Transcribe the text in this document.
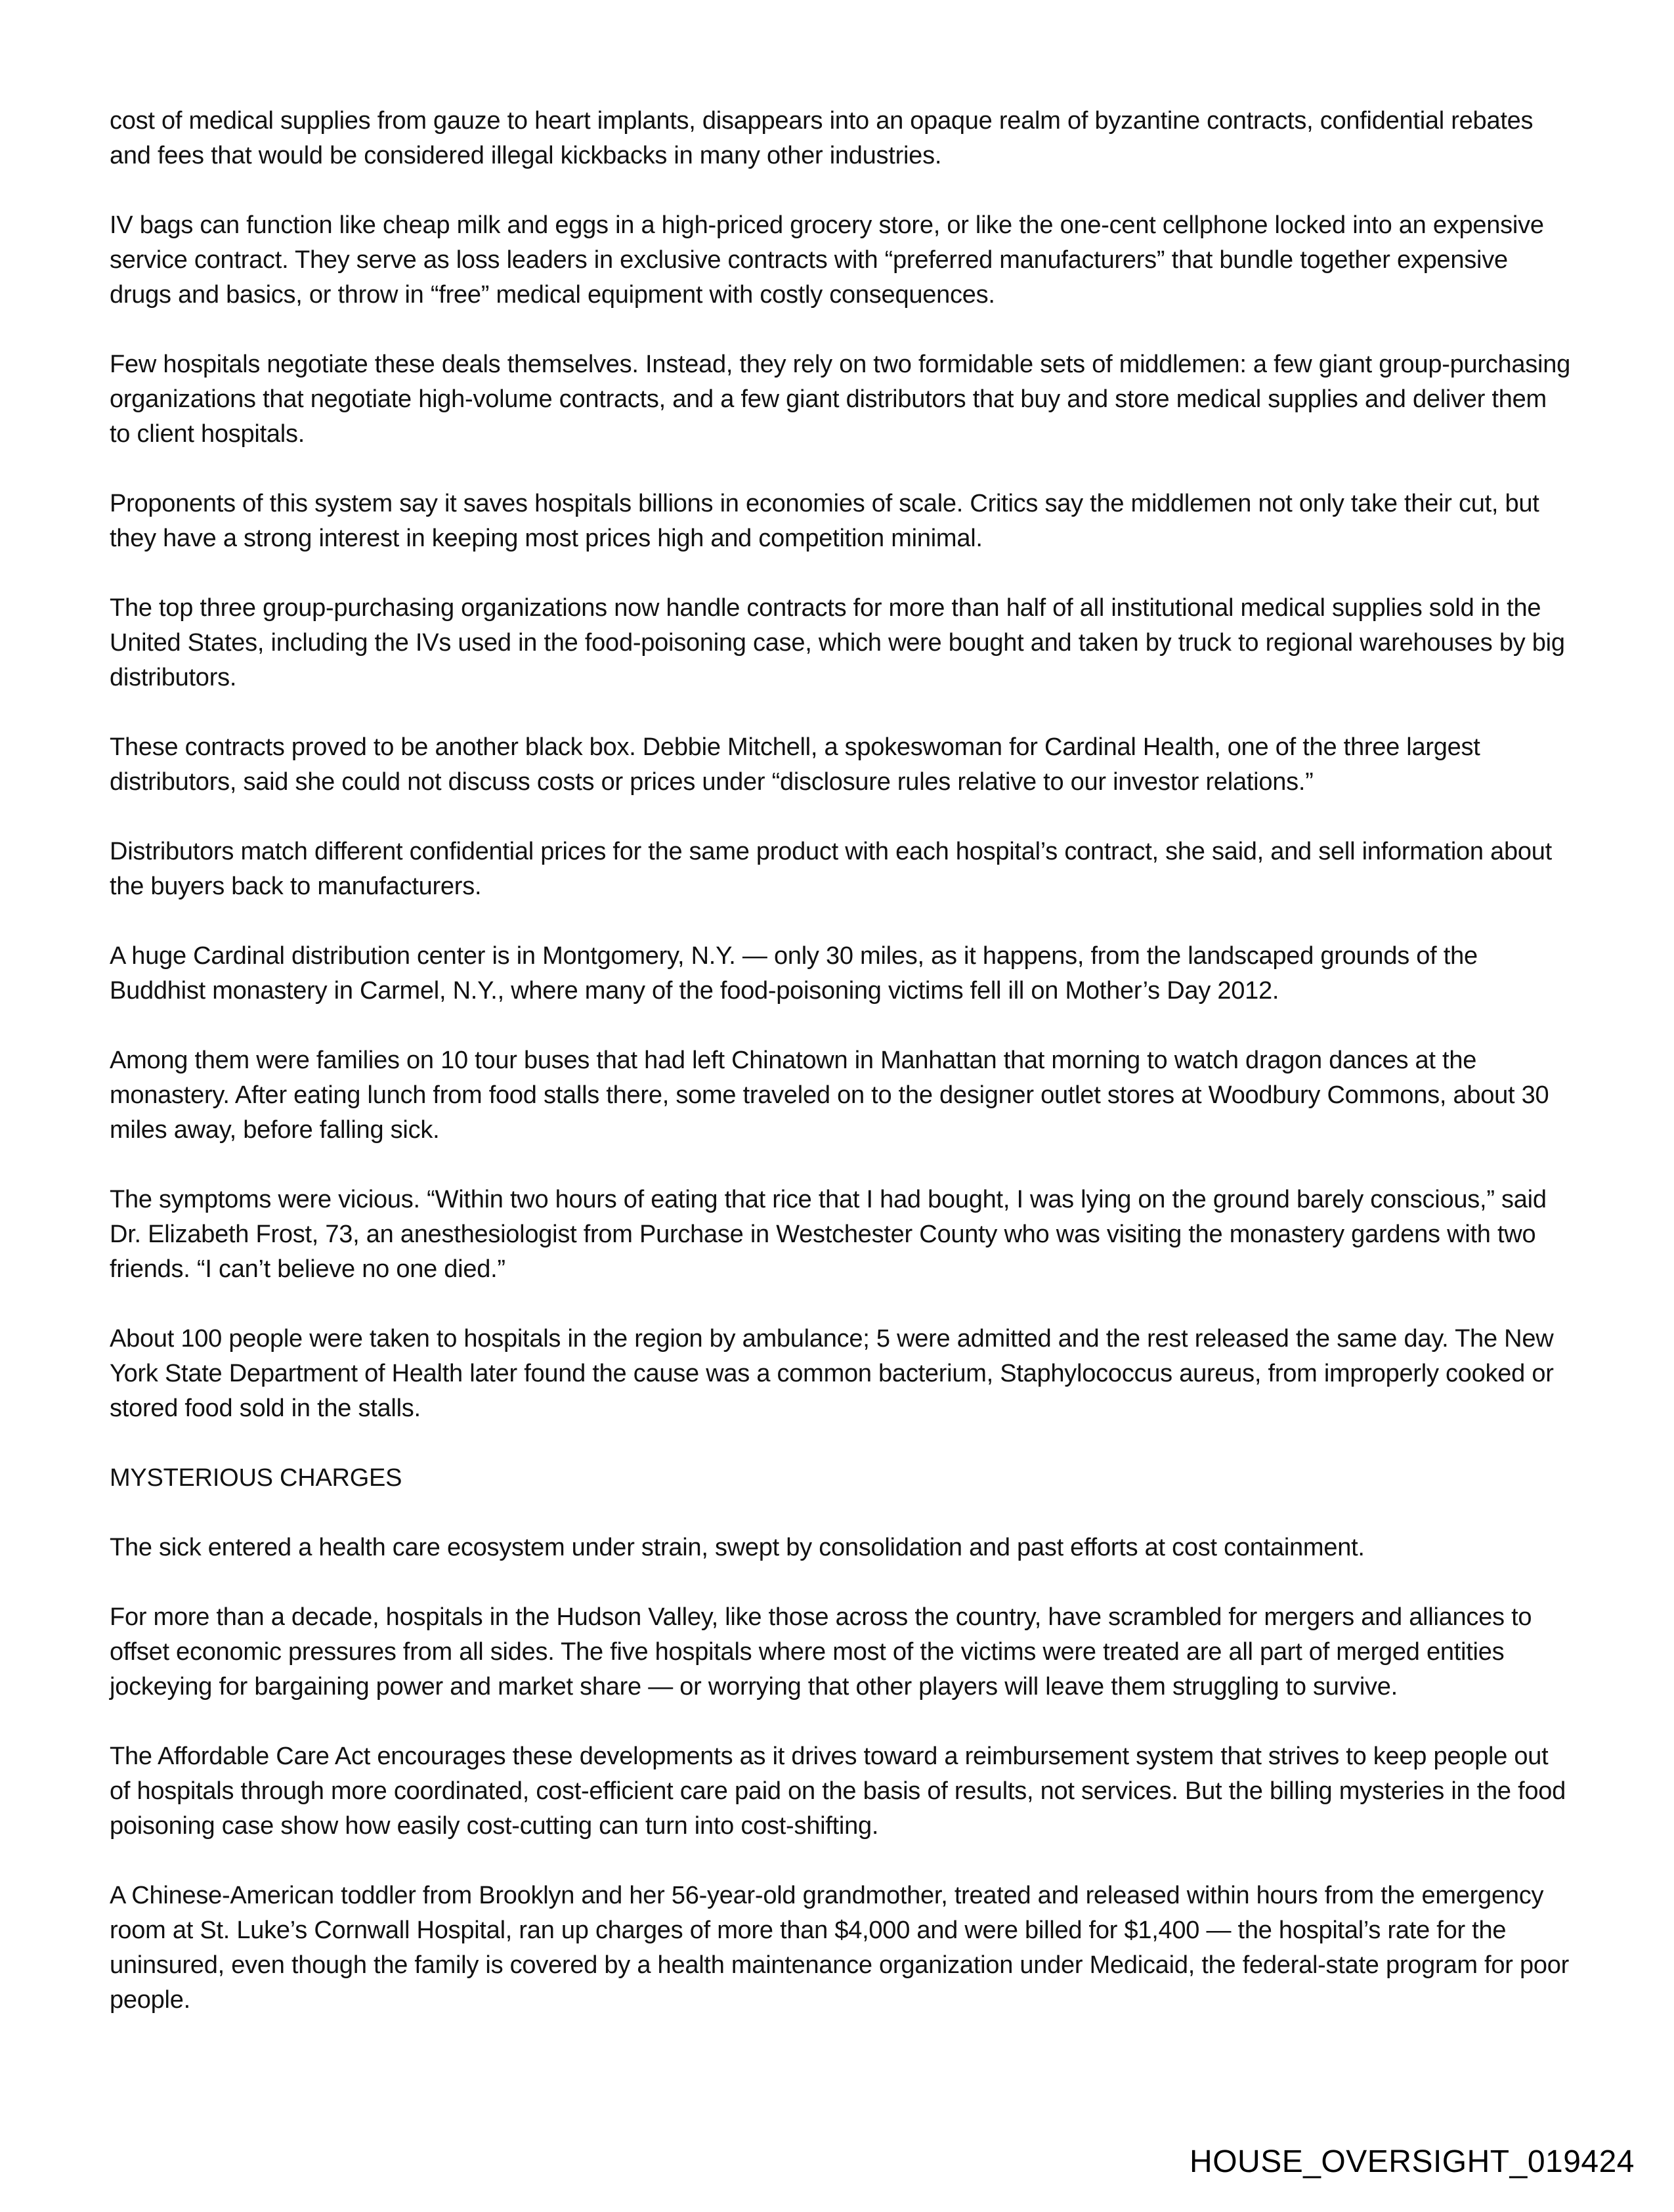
cost of medical supplies from gauze to heart implants, disappears into an opaque realm of byzantine contracts, confidential rebates and fees that would be considered illegal kickbacks in many other industries.

IV bags can function like cheap milk and eggs in a high-priced grocery store, or like the one-cent cellphone locked into an expensive service contract. They serve as loss leaders in exclusive contracts with “preferred manufacturers” that bundle together expensive drugs and basics, or throw in “free” medical equipment with costly consequences.

Few hospitals negotiate these deals themselves. Instead, they rely on two formidable sets of middlemen: a few giant group-purchasing organizations that negotiate high-volume contracts, and a few giant distributors that buy and store medical supplies and deliver them to client hospitals.

Proponents of this system say it saves hospitals billions in economies of scale. Critics say the middlemen not only take their cut, but they have a strong interest in keeping most prices high and competition minimal.

The top three group-purchasing organizations now handle contracts for more than half of all institutional medical supplies sold in the United States, including the IVs used in the food-poisoning case, which were bought and taken by truck to regional warehouses by big distributors.

These contracts proved to be another black box. Debbie Mitchell, a spokeswoman for Cardinal Health, one of the three largest distributors, said she could not discuss costs or prices under “disclosure rules relative to our investor relations.”

Distributors match different confidential prices for the same product with each hospital’s contract, she said, and sell information about the buyers back to manufacturers.

A huge Cardinal distribution center is in Montgomery, N.Y. — only 30 miles, as it happens, from the landscaped grounds of the Buddhist monastery in Carmel, N.Y., where many of the food-poisoning victims fell ill on Mother’s Day 2012.

Among them were families on 10 tour buses that had left Chinatown in Manhattan that morning to watch dragon dances at the monastery. After eating lunch from food stalls there, some traveled on to the designer outlet stores at Woodbury Commons, about 30 miles away, before falling sick.

The symptoms were vicious. “Within two hours of eating that rice that I had bought, I was lying on the ground barely conscious,” said Dr. Elizabeth Frost, 73, an anesthesiologist from Purchase in Westchester County who was visiting the monastery gardens with two friends. “I can’t believe no one died.”

About 100 people were taken to hospitals in the region by ambulance; 5 were admitted and the rest released the same day. The New York State Department of Health later found the cause was a common bacterium, Staphylococcus aureus, from improperly cooked or stored food sold in the stalls.

MYSTERIOUS CHARGES

The sick entered a health care ecosystem under strain, swept by consolidation and past efforts at cost containment.

For more than a decade, hospitals in the Hudson Valley, like those across the country, have scrambled for mergers and alliances to offset economic pressures from all sides. The five hospitals where most of the victims were treated are all part of merged entities jockeying for bargaining power and market share — or worrying that other players will leave them struggling to survive.

The Affordable Care Act encourages these developments as it drives toward a reimbursement system that strives to keep people out of hospitals through more coordinated, cost-efficient care paid on the basis of results, not services. But the billing mysteries in the food poisoning case show how easily cost-cutting can turn into cost-shifting.

A Chinese-American toddler from Brooklyn and her 56-year-old grandmother, treated and released within hours from the emergency room at St. Luke’s Cornwall Hospital, ran up charges of more than $4,000 and were billed for $1,400 — the hospital’s rate for the uninsured, even though the family is covered by a health maintenance organization under Medicaid, the federal-state program for poor people.

HOUSE_OVERSIGHT_019424
